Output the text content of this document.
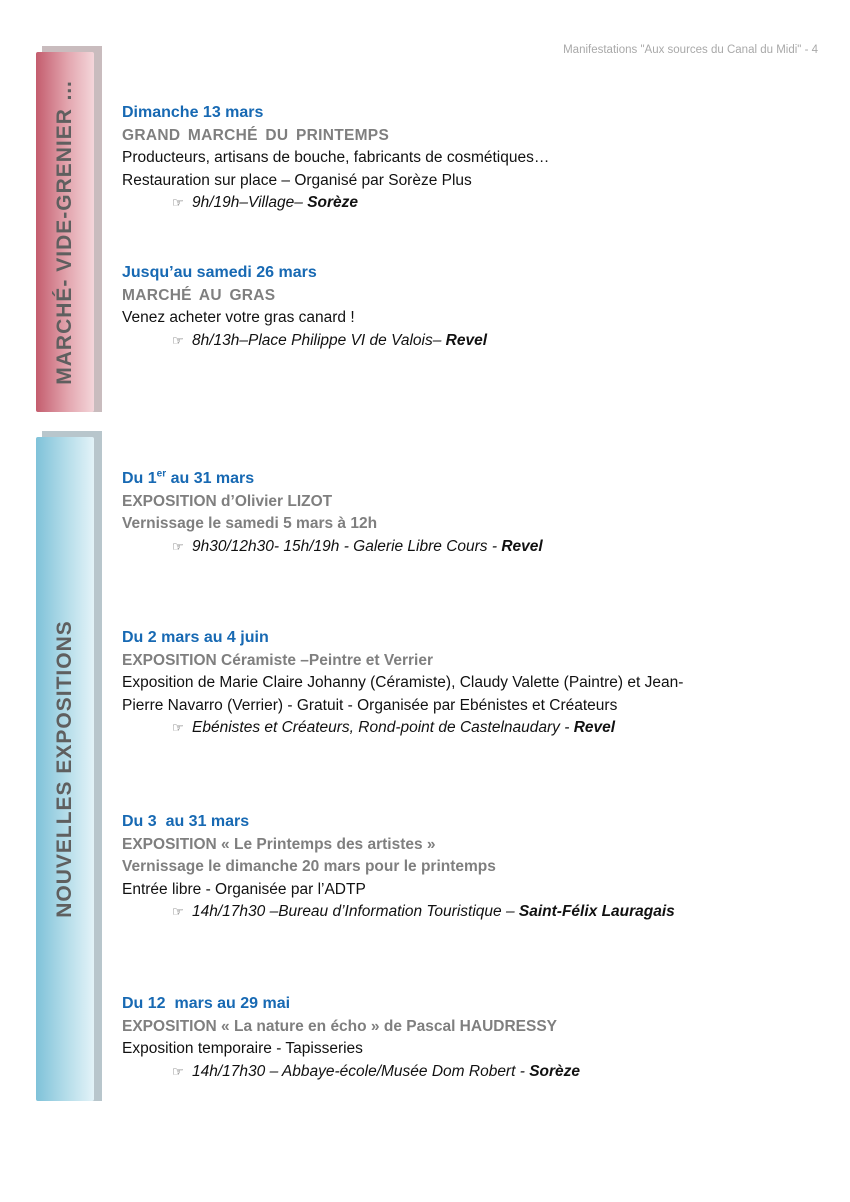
Manifestations "Aux sources du Canal du Midi" - 4
MARCHÉ- VIDE-GRENIER …
NOUVELLES EXPOSITIONS
Dimanche 13 mars
GRAND MARCHÉ DU PRINTEMPS
Producteurs, artisans de bouche, fabricants de cosmétiques…
Restauration sur place – Organisé par Sorèze Plus
☞ 9h/19h–Village– Sorèze
Jusqu’au samedi 26 mars
MARCHÉ AU GRAS
Venez acheter votre gras canard !
☞ 8h/13h–Place Philippe VI de Valois– Revel
Du 1er au 31 mars
EXPOSITION d’Olivier LIZOT
Vernissage le samedi 5 mars à 12h
☞ 9h30/12h30- 15h/19h - Galerie Libre Cours - Revel
Du 2 mars au 4 juin
EXPOSITION Céramiste –Peintre et Verrier
Exposition de Marie Claire Johanny (Céramiste), Claudy Valette (Paintre) et Jean-
Pierre Navarro (Verrier) - Gratuit - Organisée par Ebénistes et Créateurs
☞ Ebénistes et Créateurs, Rond-point de Castelnaudary - Revel
Du 3  au 31 mars
EXPOSITION « Le Printemps des artistes »
Vernissage le dimanche 20 mars pour le printemps
Entrée libre - Organisée par l’ADTP
☞ 14h/17h30 –Bureau d’Information Touristique – Saint-Félix Lauragais
Du 12  mars au 29 mai
EXPOSITION « La nature en écho » de Pascal HAUDRESSY
Exposition temporaire - Tapisseries
☞ 14h/17h30 – Abbaye-école/Musée Dom Robert - Sorèze
